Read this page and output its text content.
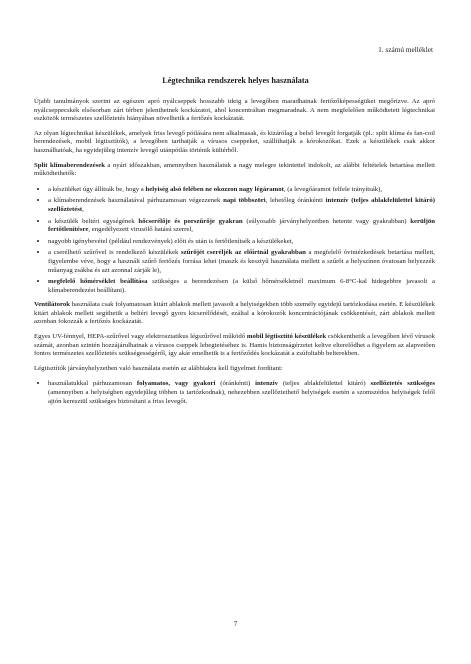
1. számú melléklet
Légtechnika rendszerek helyes használata

Újabb tanulmányok szerint az egészen apró nyálcseppek hosszabb ideig a levegőben maradhatnak fertőzőképességüket megőrizve. Az apró nyálcseppecskék elsősorban zárt térben jelenthetnek kockázatot, ahol koncentráltan megmaradnak. A nem megfelelően működtetett légtechnikai eszközök természetes szellőztetés hiányában növelhetik a fertőzés kockázatát.

Az olyan légtechnikai készülékek, amelyek friss levegő pótlására nem alkalmasak, és kizárólag a belső levegőt forgatják (pl.: split klíma és fan-coil berendezések, mobil légtisztítók), a levegőben tarthatják a vírusos cseppeket, szállíthatják a kórokozókat. Ezek a készülékek csak akkor használhatóak, ha egyidejűleg intenzív levegő utánpótlás történik kültérből.

Split klímaberendezések a nyári időszakban, amennyiben használatuk a nagy melegre tekintettel indokolt, az alábbi feltételek betartása mellett működtethetők:

• a készüléket úgy állítsák be, hogy a helyiség alsó felében ne okozzon nagy légáramot, (a levegőáramot felfele irányítsák),
• a klímaberendezések használatával párhuzamosan végezzenek napi többszöri, lehetőleg óránkénti intenzív (teljes ablakfelülettel kitáró) szellőztetést,
• a készülék beltéri egységének hőcserélője és porszűrője gyakran (súlyosabb járványhelyzetben hetente vagy gyakrabban) kerüljön fertőtlenítésre, engedélyezett virusölő hatású szerrel,
• nagyobb igénybevétel (például rendezvények) előtt és után is fertőtlenítsék a készülékeket,
• a cserélhető szűrővel is rendelkező készülékek szűrőjét cseréljék az előírtnál gyakrabban a megfelelő óvintézkedések betartása mellett, figyelembe véve, hogy a használt szűrő fertőzés forrása lehet (maszk és kesztyű használata mellett a szűrőt a helyszínen óvatosan helyezzék műanyag zsákba és azt azonnal zárják le),
• megfelelő hőmérséklet beállítása szükséges a berendezésen (a külső hőmérsékletnél maximum 6-8°C-kal hidegebbre javasolt a klímaberendezést beállítani).

Ventilátorok használata csak folyamatosan kitárt ablakok mellett javasolt a helyiségekben több személy egyidejű tartózkodása esetén. E készülékek kitárt ablakok mellett segíthetik a beltéri levegő gyors kicserélődését, ezáltal a kórokozók koncentrációjának csökkentését, zárt ablakok mellett azonban fokozzák a fertőzés kockázatát.

Egyes UV-fénnyel, HEPA-szűrővel vagy elektrosztatikus légszűrővel működő mobil légtisztító készülékek csökkenthetik a levegőben lévő vírusok számát, azonban szintén hozzájárulhatnak a vírusos cseppek lebegtetéséhez is. Hamis biztonságérzetet keltve elterelődhet a figyelem az alapvetően fontos természetes szellőztetés szükségességéről, így akár emelhetik is a fertőződés kockázatát a zsúfoltabb belterekben.

Légtisztítók járványhelyzetben való használata esetén az alábbiakra kell figyelmet fordítani:

• használatukkal párhuzamosan folyamatos, vagy gyakori (óránkénti) intenzív (teljes ablakfelülettel kitáró) szellőztetés szükséges (amennyiben a helyiségben egyidejűleg többen is tartózkodnak), nehezebben szellőztethető helyiségek esetén a szomszédos helyiségek felől ajtón keresztül szükséges biztosítani a friss levegőt.
7
